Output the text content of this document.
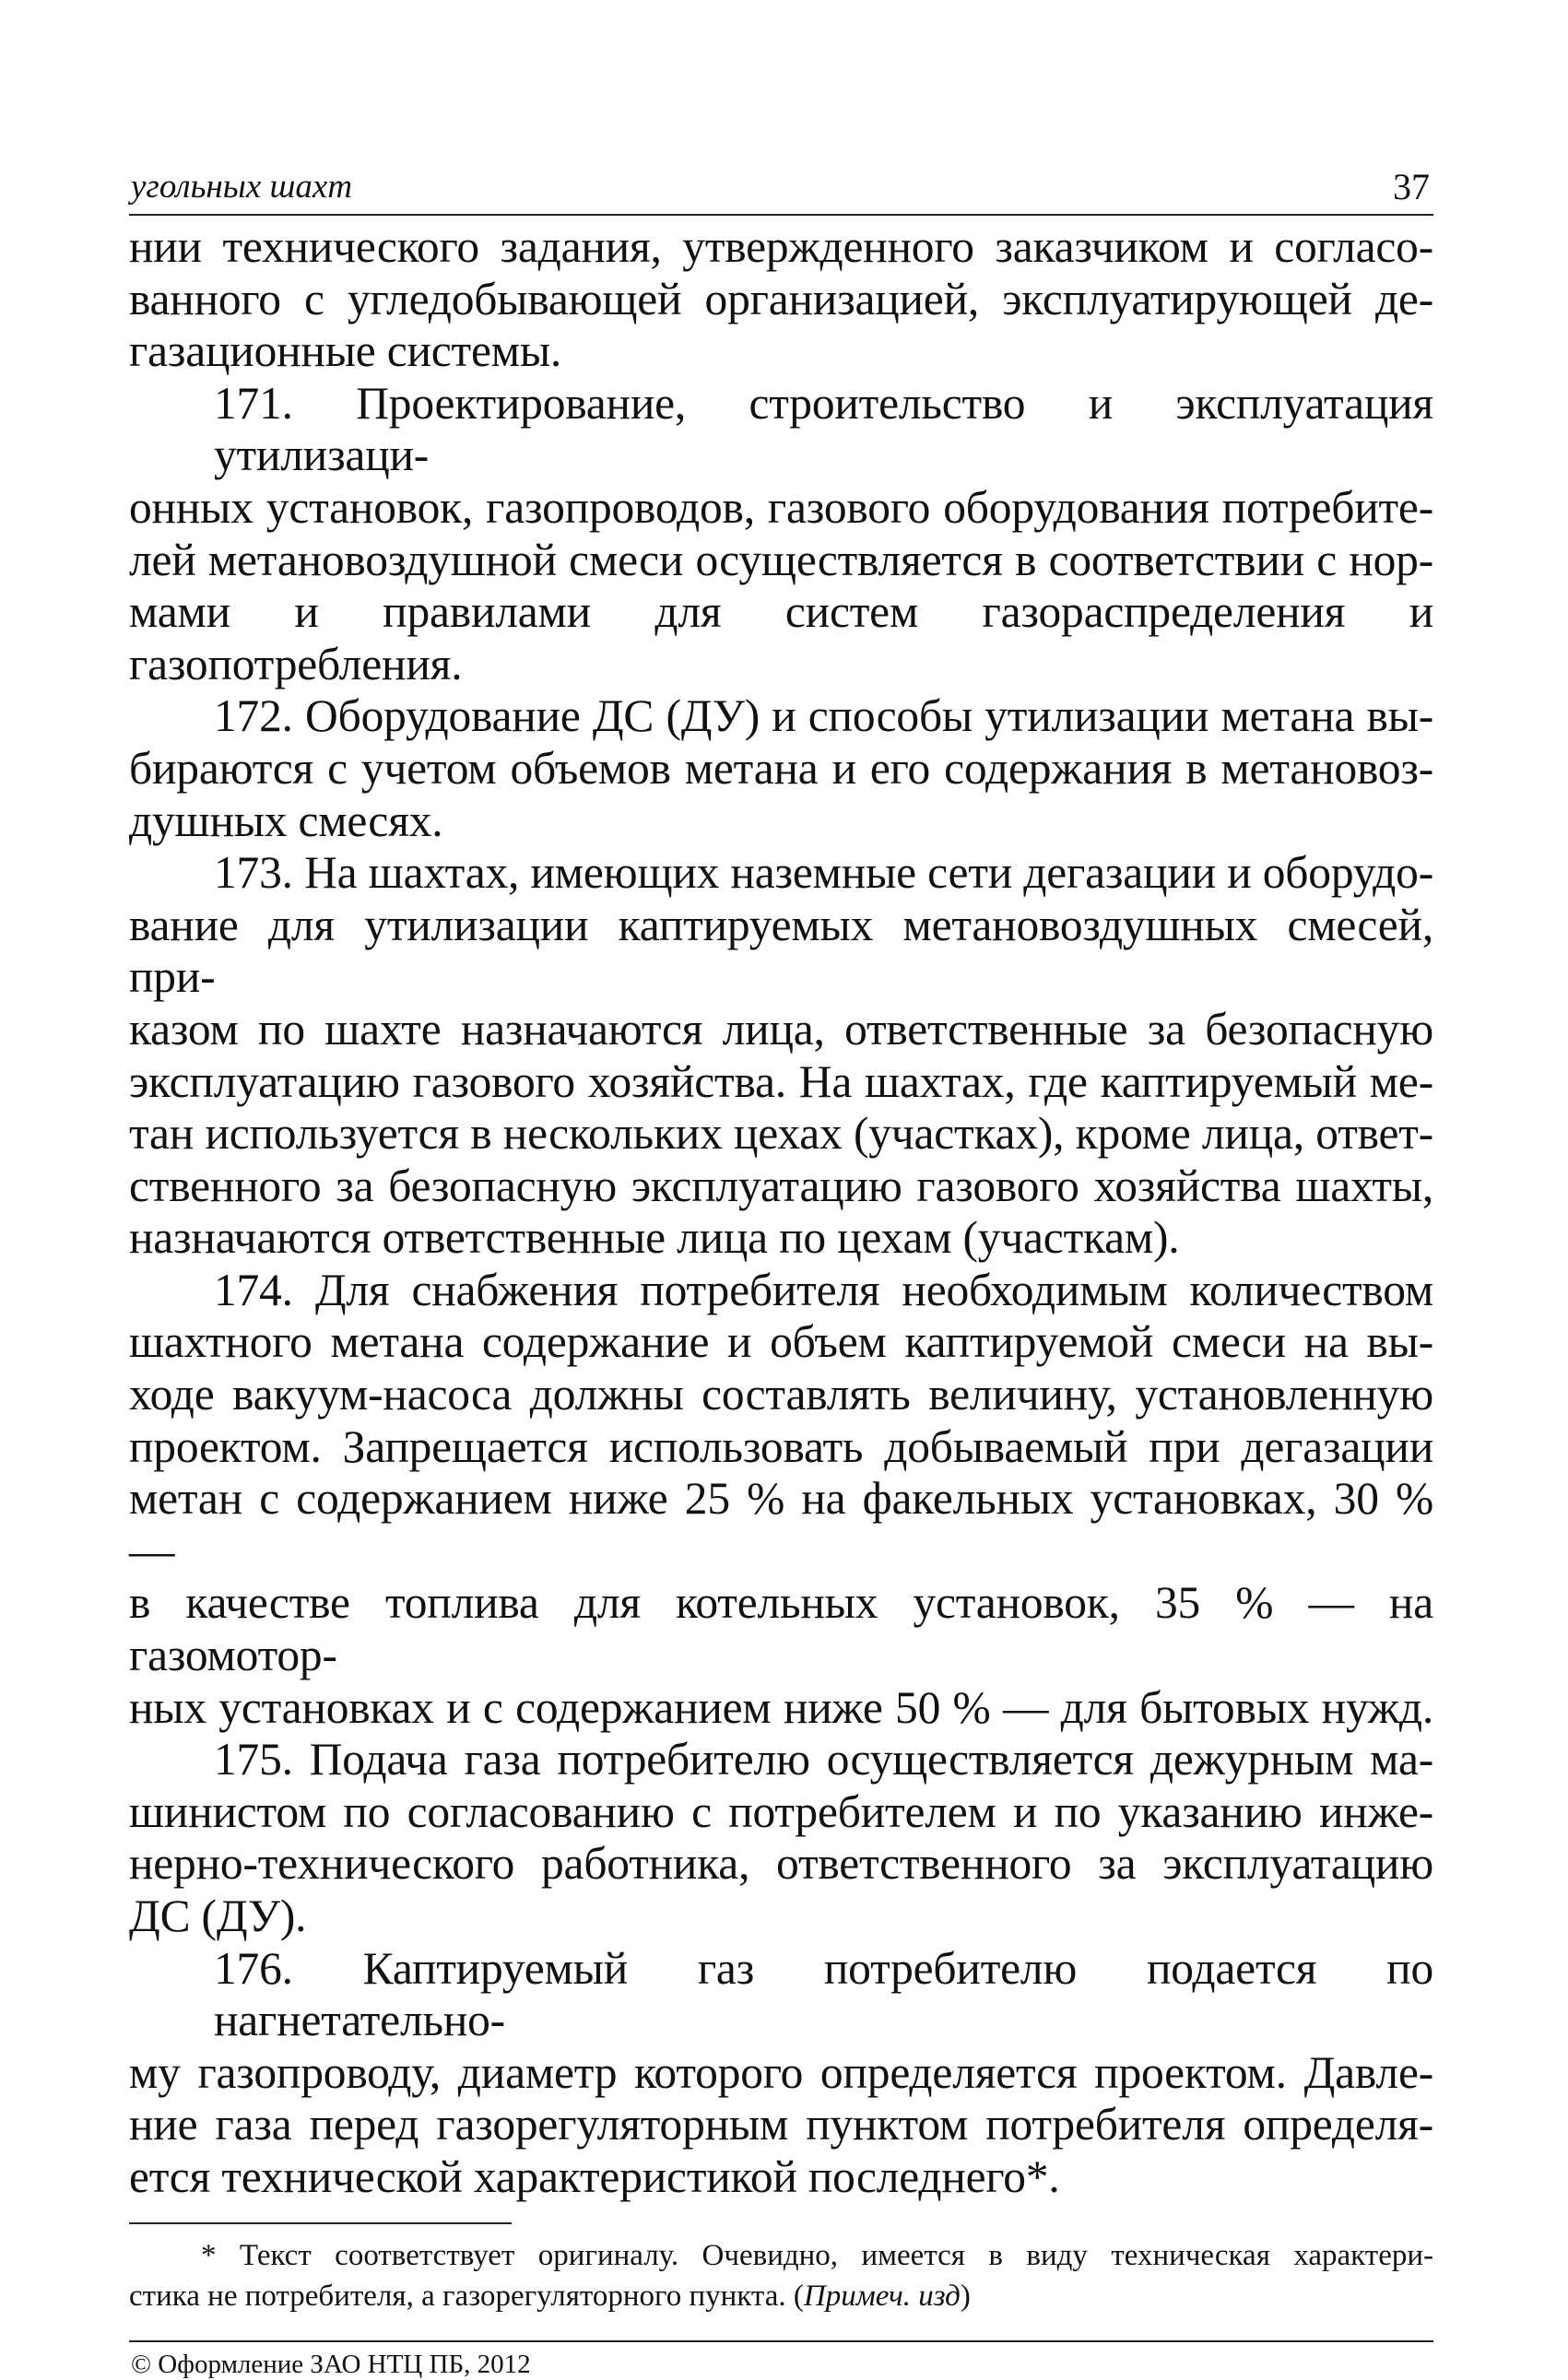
угольных шахт	37
нии технического задания, утвержденного заказчиком и согласо-
ванного с угледобывающей организацией, эксплуатирующей де-
газационные системы.
171. Проектирование, строительство и эксплуатация утилизаци-
онных установок, газопроводов, газового оборудования потребите-
лей метановоздушной смеси осуществляется в соответствии с нор-
мами и правилами для систем газораспределения и газопотребления.
172. Оборудование ДС (ДУ) и способы утилизации метана вы-
бираются с учетом объемов метана и его содержания в метановоз-
душных смесях.
173. На шахтах, имеющих наземные сети дегазации и оборудо-
вание для утилизации каптируемых метановоздушных смесей, при-
казом по шахте назначаются лица, ответственные за безопасную
эксплуатацию газового хозяйства. На шахтах, где каптируемый ме-
тан используется в нескольких цехах (участках), кроме лица, ответ-
ственного за безопасную эксплуатацию газового хозяйства шахты,
назначаются ответственные лица по цехам (участкам).
174. Для снабжения потребителя необходимым количеством
шахтного метана содержание и объем каптируемой смеси на вы-
ходе вакуум-насоса должны составлять величину, установленную
проектом. Запрещается использовать добываемый при дегазации
метан с содержанием ниже 25 % на факельных установках, 30 % —
в качестве топлива для котельных установок, 35 % — на газомотор-
ных установках и с содержанием ниже 50 % — для бытовых нужд.
175. Подача газа потребителю осуществляется дежурным ма-
шинистом по согласованию с потребителем и по указанию инже-
нерно-технического работника, ответственного за эксплуатацию
ДС (ДУ).
176. Каптируемый газ потребителю подается по нагнетательно-
му газопроводу, диаметр которого определяется проектом. Давле-
ние газа перед газорегуляторным пунктом потребителя определя-
ется технической характеристикой последнего*.
* Текст соответствует оригиналу. Очевидно, имеется в виду техническая характери-
стика не потребителя, а газорегуляторного пункта. (Примеч. изд)
© Оформление ЗАО НТЦ ПБ, 2012
